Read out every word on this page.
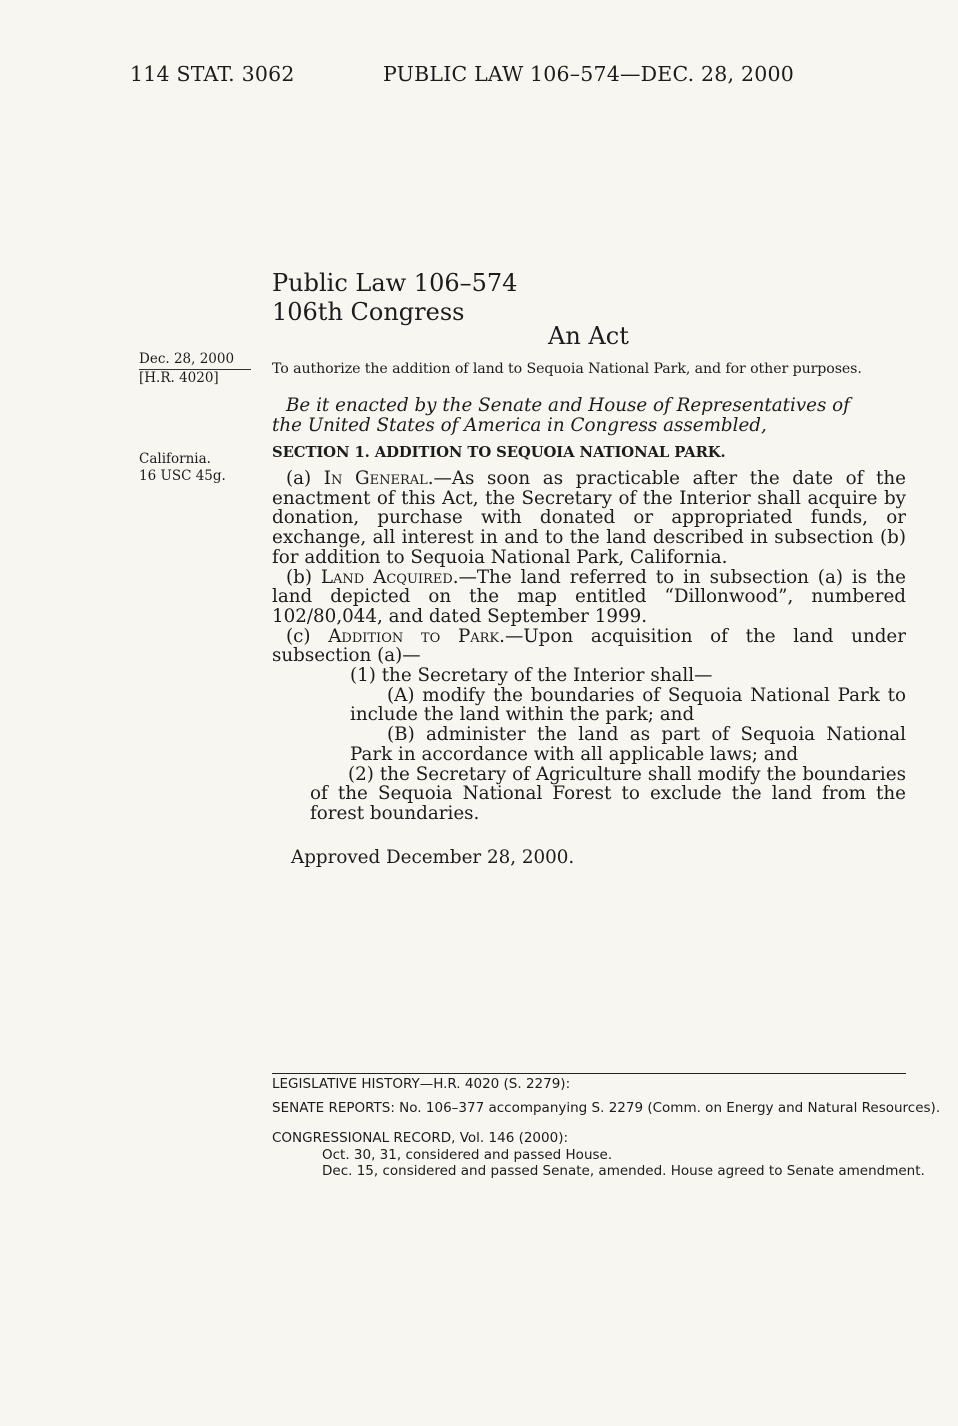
114 STAT. 3062	PUBLIC LAW 106–574—DEC. 28, 2000
Public Law 106–574
106th Congress
An Act
Dec. 28, 2000
[H.R. 4020]
California.
16 USC 45g.
To authorize the addition of land to Sequoia National Park, and for other purposes.
Be it enacted by the Senate and House of Representatives of
the United States of America in Congress assembled,
SECTION 1. ADDITION TO SEQUOIA NATIONAL PARK.

(a) In General.—As soon as practicable after the date of the enactment of this Act, the Secretary of the Interior shall acquire by donation, purchase with donated or appropriated funds, or exchange, all interest in and to the land described in subsection (b) for addition to Sequoia National Park, California.

(b) Land Acquired.—The land referred to in subsection (a) is the land depicted on the map entitled “Dillonwood”, numbered 102/80,044, and dated September 1999.

(c) Addition to Park.—Upon acquisition of the land under subsection (a)—

(1) the Secretary of the Interior shall—

(A) modify the boundaries of Sequoia National Park to include the land within the park; and

(B) administer the land as part of Sequoia National Park in accordance with all applicable laws; and

(2) the Secretary of Agriculture shall modify the boundaries of the Sequoia National Forest to exclude the land from the forest boundaries.

Approved December 28, 2000.
LEGISLATIVE HISTORY—H.R. 4020 (S. 2279):
SENATE REPORTS: No. 106–377 accompanying S. 2279 (Comm. on Energy and Natural Resources).
CONGRESSIONAL RECORD, Vol. 146 (2000):
Oct. 30, 31, considered and passed House.
Dec. 15, considered and passed Senate, amended. House agreed to Senate amendment.
